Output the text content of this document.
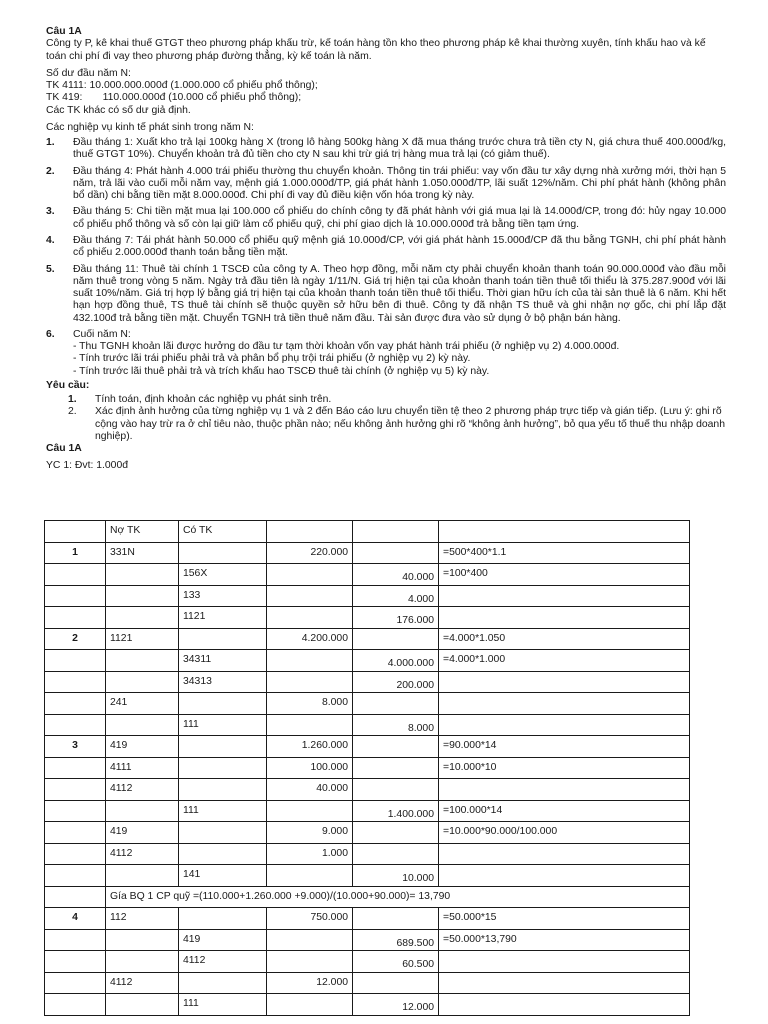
Câu 1A

Công ty P, kê khai thuế GTGT theo phương pháp khấu trừ, kế toán hàng tồn kho theo phương pháp kê khai thường xuyên, tính khấu hao và kế toán chi phí đi vay theo phương pháp đường thẳng, kỳ kế toán là năm.

Số dư đầu năm N:

TK 4111: 10.000.000.000đ (1.000.000 cổ phiếu phổ thông);

TK 419:       110.000.000đ (10.000 cổ phiếu phổ thông);

Các TK khác có số dư giả định.

Các nghiệp vụ kinh tế phát sinh trong năm N:

1. Đầu tháng 1: Xuất kho trả lại 100kg hàng X (trong lô hàng 500kg hàng X đã mua tháng trước chưa trả tiền cty N, giá chưa thuế 400.000đ/kg, thuế GTGT 10%). Chuyển khoản trả đủ tiền cho cty N sau khi trừ giá trị hàng mua trả lại (có giảm thuế).
2. Đầu tháng 4: Phát hành 4.000 trái phiếu thường thu chuyển khoản. Thông tin trái phiếu: vay vốn đầu tư xây dựng nhà xưởng mới, thời hạn 5 năm, trả lãi vào cuối mỗi năm vay, mệnh giá 1.000.000đ/TP, giá phát hành 1.050.000đ/TP, lãi suất 12%/năm. Chi phí phát hành (không phân bổ dần) chi bằng tiền mặt 8.000.000đ. Chi phí đi vay đủ điều kiện vốn hóa trong kỳ này.
3. Đầu tháng 5: Chi tiền mặt mua lại 100.000 cổ phiếu do chính công ty đã phát hành với giá mua lại là 14.000đ/CP, trong đó: hủy ngay 10.000 cổ phiếu phổ thông và số còn lại giữ làm cổ phiếu quỹ, chi phí giao dịch là 10.000.000đ trả bằng tiền tạm ứng.
4. Đầu tháng 7: Tái phát hành 50.000 cổ phiếu quỹ mệnh giá 10.000đ/CP, với giá phát hành 15.000đ/CP đã thu bằng TGNH, chi phí phát hành cổ phiếu 2.000.000đ thanh toán bằng tiền mặt.
5. Đầu tháng 11: Thuê tài chính 1 TSCĐ của công ty A. Theo hợp đồng, mỗi năm cty phải chuyển khoản thanh toán 90.000.000đ vào đầu mỗi năm thuê trong vòng 5 năm. Ngày trả đầu tiên là ngày 1/11/N. Giá trị hiện tại của khoản thanh toán tiền thuê tối thiểu là 375.287.900đ với lãi suất 10%/năm. Giá trị hợp lý bằng giá trị hiện tại của khoản thanh toán tiền thuê tối thiểu. Thời gian hữu ích của tài sản thuê là 6 năm. Khi hết hạn hợp đồng thuê, TS thuê tài chính sẽ thuộc quyền sở hữu bên đi thuê. Công ty đã nhận TS thuê và ghi nhận nợ gốc, chi phí lắp đặt 432.100đ trả bằng tiền mặt. Chuyển TGNH trả tiền thuê năm đầu. Tài sản được đưa vào sử dụng ở bộ phận bán hàng.
6. Cuối năm N:

- Thu TGNH khoản lãi được hưởng do đầu tư tạm thời khoản vốn vay phát hành trái phiếu (ở nghiệp vụ 2) 4.000.000đ.

- Tính trước lãi trái phiếu phải trả và phân bổ phụ trội trái phiếu (ở nghiệp vụ 2) kỳ này.

- Tính trước lãi thuê phải trả và trích khấu hao TSCĐ thuê tài chính (ở nghiệp vụ 5) kỳ này.

Yêu cầu:

1. Tính toán, định khoản các nghiệp vụ phát sinh trên.
2. Xác định ảnh hưởng của từng nghiệp vụ 1 và 2 đến Báo cáo lưu chuyển tiền tệ theo 2 phương pháp trực tiếp và gián tiếp. (Lưu ý: ghi rõ cộng vào hay trừ ra ở chỉ tiêu nào, thuộc phần nào; nếu không ảnh hưởng ghi rõ “không ảnh hưởng”, bỏ qua yếu tố thuế thu nhập doanh nghiệp).

Câu 1A

YC 1: Đvt: 1.000đ

	Nợ TK	Có TK			
1	331N		220.000		=500*400*1.1
		156X		40.000	=100*400
		133		4.000	
		1121		176.000	
2	1121		4.200.000		=4.000*1.050
		34311		4.000.000	=4.000*1.000
		34313		200.000	
	241		8.000		
		111		8.000	
3	419		1.260.000		=90.000*14
	4111		100.000		=10.000*10
	4112		40.000		
		111		1.400.000	=100.000*14
	419		9.000		=10.000*90.000/100.000
	4112		1.000		
		141		10.000	
	Gía BQ 1 CP quỹ =(110.000+1.260.000 +9.000)/(10.000+90.000)= 13,790				
4	112		750.000		=50.000*15
		419		689.500	=50.000*13,790
		4112		60.500	
	4112		12.000		
		111		12.000	
